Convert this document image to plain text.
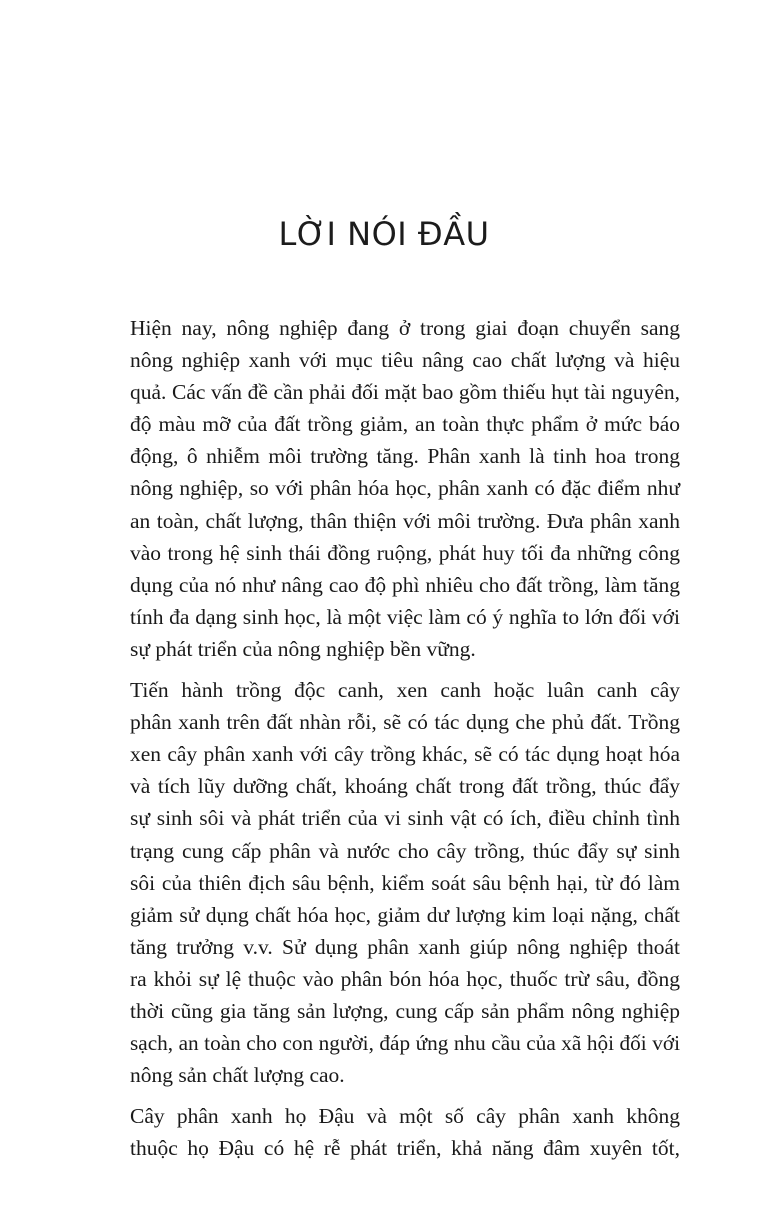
LỜI NÓI ĐẦU

Hiện nay, nông nghiệp đang ở trong giai đoạn chuyển sang
nông nghiệp xanh với mục tiêu nâng cao chất lượng và hiệu
quả. Các vấn đề cần phải đối mặt bao gồm thiếu hụt tài nguyên,
độ màu mỡ của đất trồng giảm, an toàn thực phẩm ở mức báo
động, ô nhiễm môi trường tăng. Phân xanh là tinh hoa trong
nông nghiệp, so với phân hóa học, phân xanh có đặc điểm như
an toàn, chất lượng, thân thiện với môi trường. Đưa phân xanh
vào trong hệ sinh thái đồng ruộng, phát huy tối đa những công
dụng của nó như nâng cao độ phì nhiêu cho đất trồng, làm tăng
tính đa dạng sinh học, là một việc làm có ý nghĩa to lớn đối với
sự phát triển của nông nghiệp bền vững.

Tiến hành trồng độc canh, xen canh hoặc luân canh cây
phân xanh trên đất nhàn rỗi, sẽ có tác dụng che phủ đất. Trồng
xen cây phân xanh với cây trồng khác, sẽ có tác dụng hoạt hóa
và tích lũy dưỡng chất, khoáng chất trong đất trồng, thúc đẩy
sự sinh sôi và phát triển của vi sinh vật có ích, điều chỉnh tình
trạng cung cấp phân và nước cho cây trồng, thúc đẩy sự sinh
sôi của thiên địch sâu bệnh, kiểm soát sâu bệnh hại, từ đó làm
giảm sử dụng chất hóa học, giảm dư lượng kim loại nặng, chất
tăng trưởng v.v. Sử dụng phân xanh giúp nông nghiệp thoát
ra khỏi sự lệ thuộc vào phân bón hóa học, thuốc trừ sâu, đồng
thời cũng gia tăng sản lượng, cung cấp sản phẩm nông nghiệp
sạch, an toàn cho con người, đáp ứng nhu cầu của xã hội đối với
nông sản chất lượng cao.

Cây phân xanh họ Đậu và một số cây phân xanh không
thuộc họ Đậu có hệ rễ phát triển, khả năng đâm xuyên tốt,
